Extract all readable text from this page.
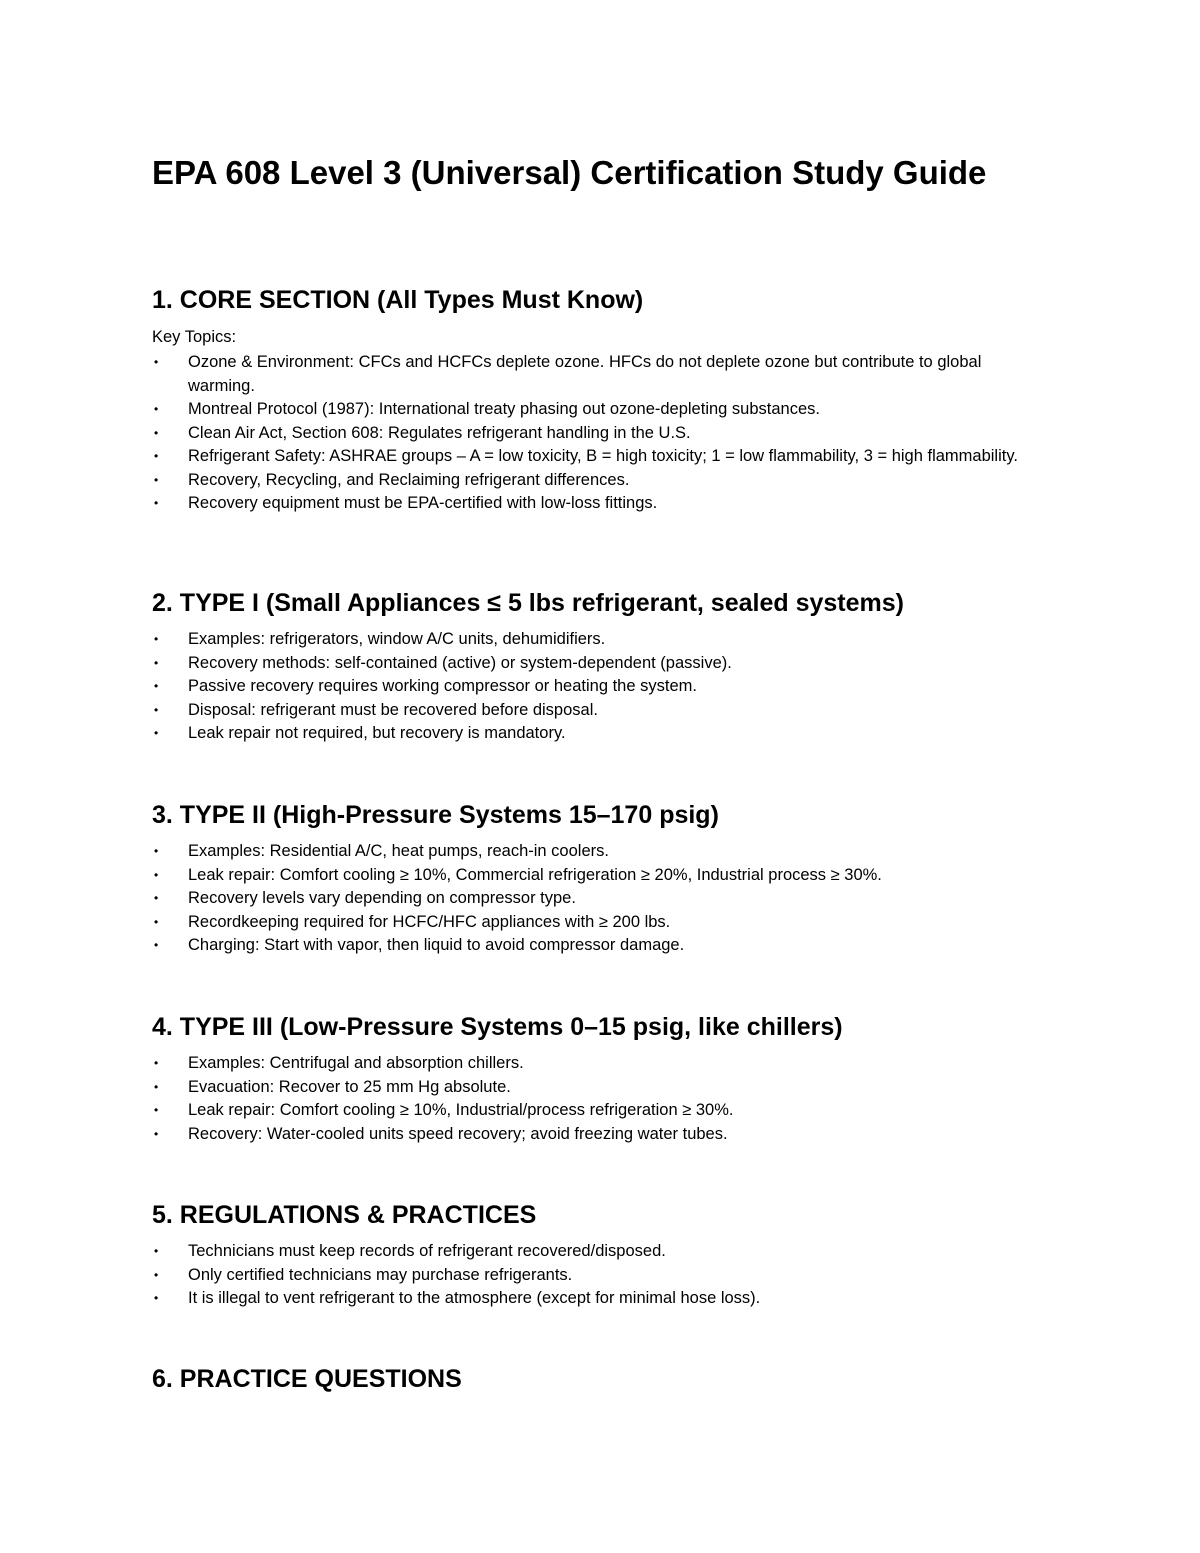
EPA 608 Level 3 (Universal) Certification Study Guide
1. CORE SECTION (All Types Must Know)
Key Topics:
• Ozone & Environment: CFCs and HCFCs deplete ozone. HFCs do not deplete ozone but contribute to global warming.
• Montreal Protocol (1987): International treaty phasing out ozone-depleting substances.
• Clean Air Act, Section 608: Regulates refrigerant handling in the U.S.
• Refrigerant Safety: ASHRAE groups – A = low toxicity, B = high toxicity; 1 = low flammability, 3 = high flammability.
• Recovery, Recycling, and Reclaiming refrigerant differences.
• Recovery equipment must be EPA-certified with low-loss fittings.
2. TYPE I (Small Appliances ≤ 5 lbs refrigerant, sealed systems)
• Examples: refrigerators, window A/C units, dehumidifiers.
• Recovery methods: self-contained (active) or system-dependent (passive).
• Passive recovery requires working compressor or heating the system.
• Disposal: refrigerant must be recovered before disposal.
• Leak repair not required, but recovery is mandatory.
3. TYPE II (High-Pressure Systems 15–170 psig)
• Examples: Residential A/C, heat pumps, reach-in coolers.
• Leak repair: Comfort cooling ≥ 10%, Commercial refrigeration ≥ 20%, Industrial process ≥ 30%.
• Recovery levels vary depending on compressor type.
• Recordkeeping required for HCFC/HFC appliances with ≥ 200 lbs.
• Charging: Start with vapor, then liquid to avoid compressor damage.
4. TYPE III (Low-Pressure Systems 0–15 psig, like chillers)
• Examples: Centrifugal and absorption chillers.
• Evacuation: Recover to 25 mm Hg absolute.
• Leak repair: Comfort cooling ≥ 10%, Industrial/process refrigeration ≥ 30%.
• Recovery: Water-cooled units speed recovery; avoid freezing water tubes.
5. REGULATIONS & PRACTICES
• Technicians must keep records of refrigerant recovered/disposed.
• Only certified technicians may purchase refrigerants.
• It is illegal to vent refrigerant to the atmosphere (except for minimal hose loss).
6. PRACTICE QUESTIONS
